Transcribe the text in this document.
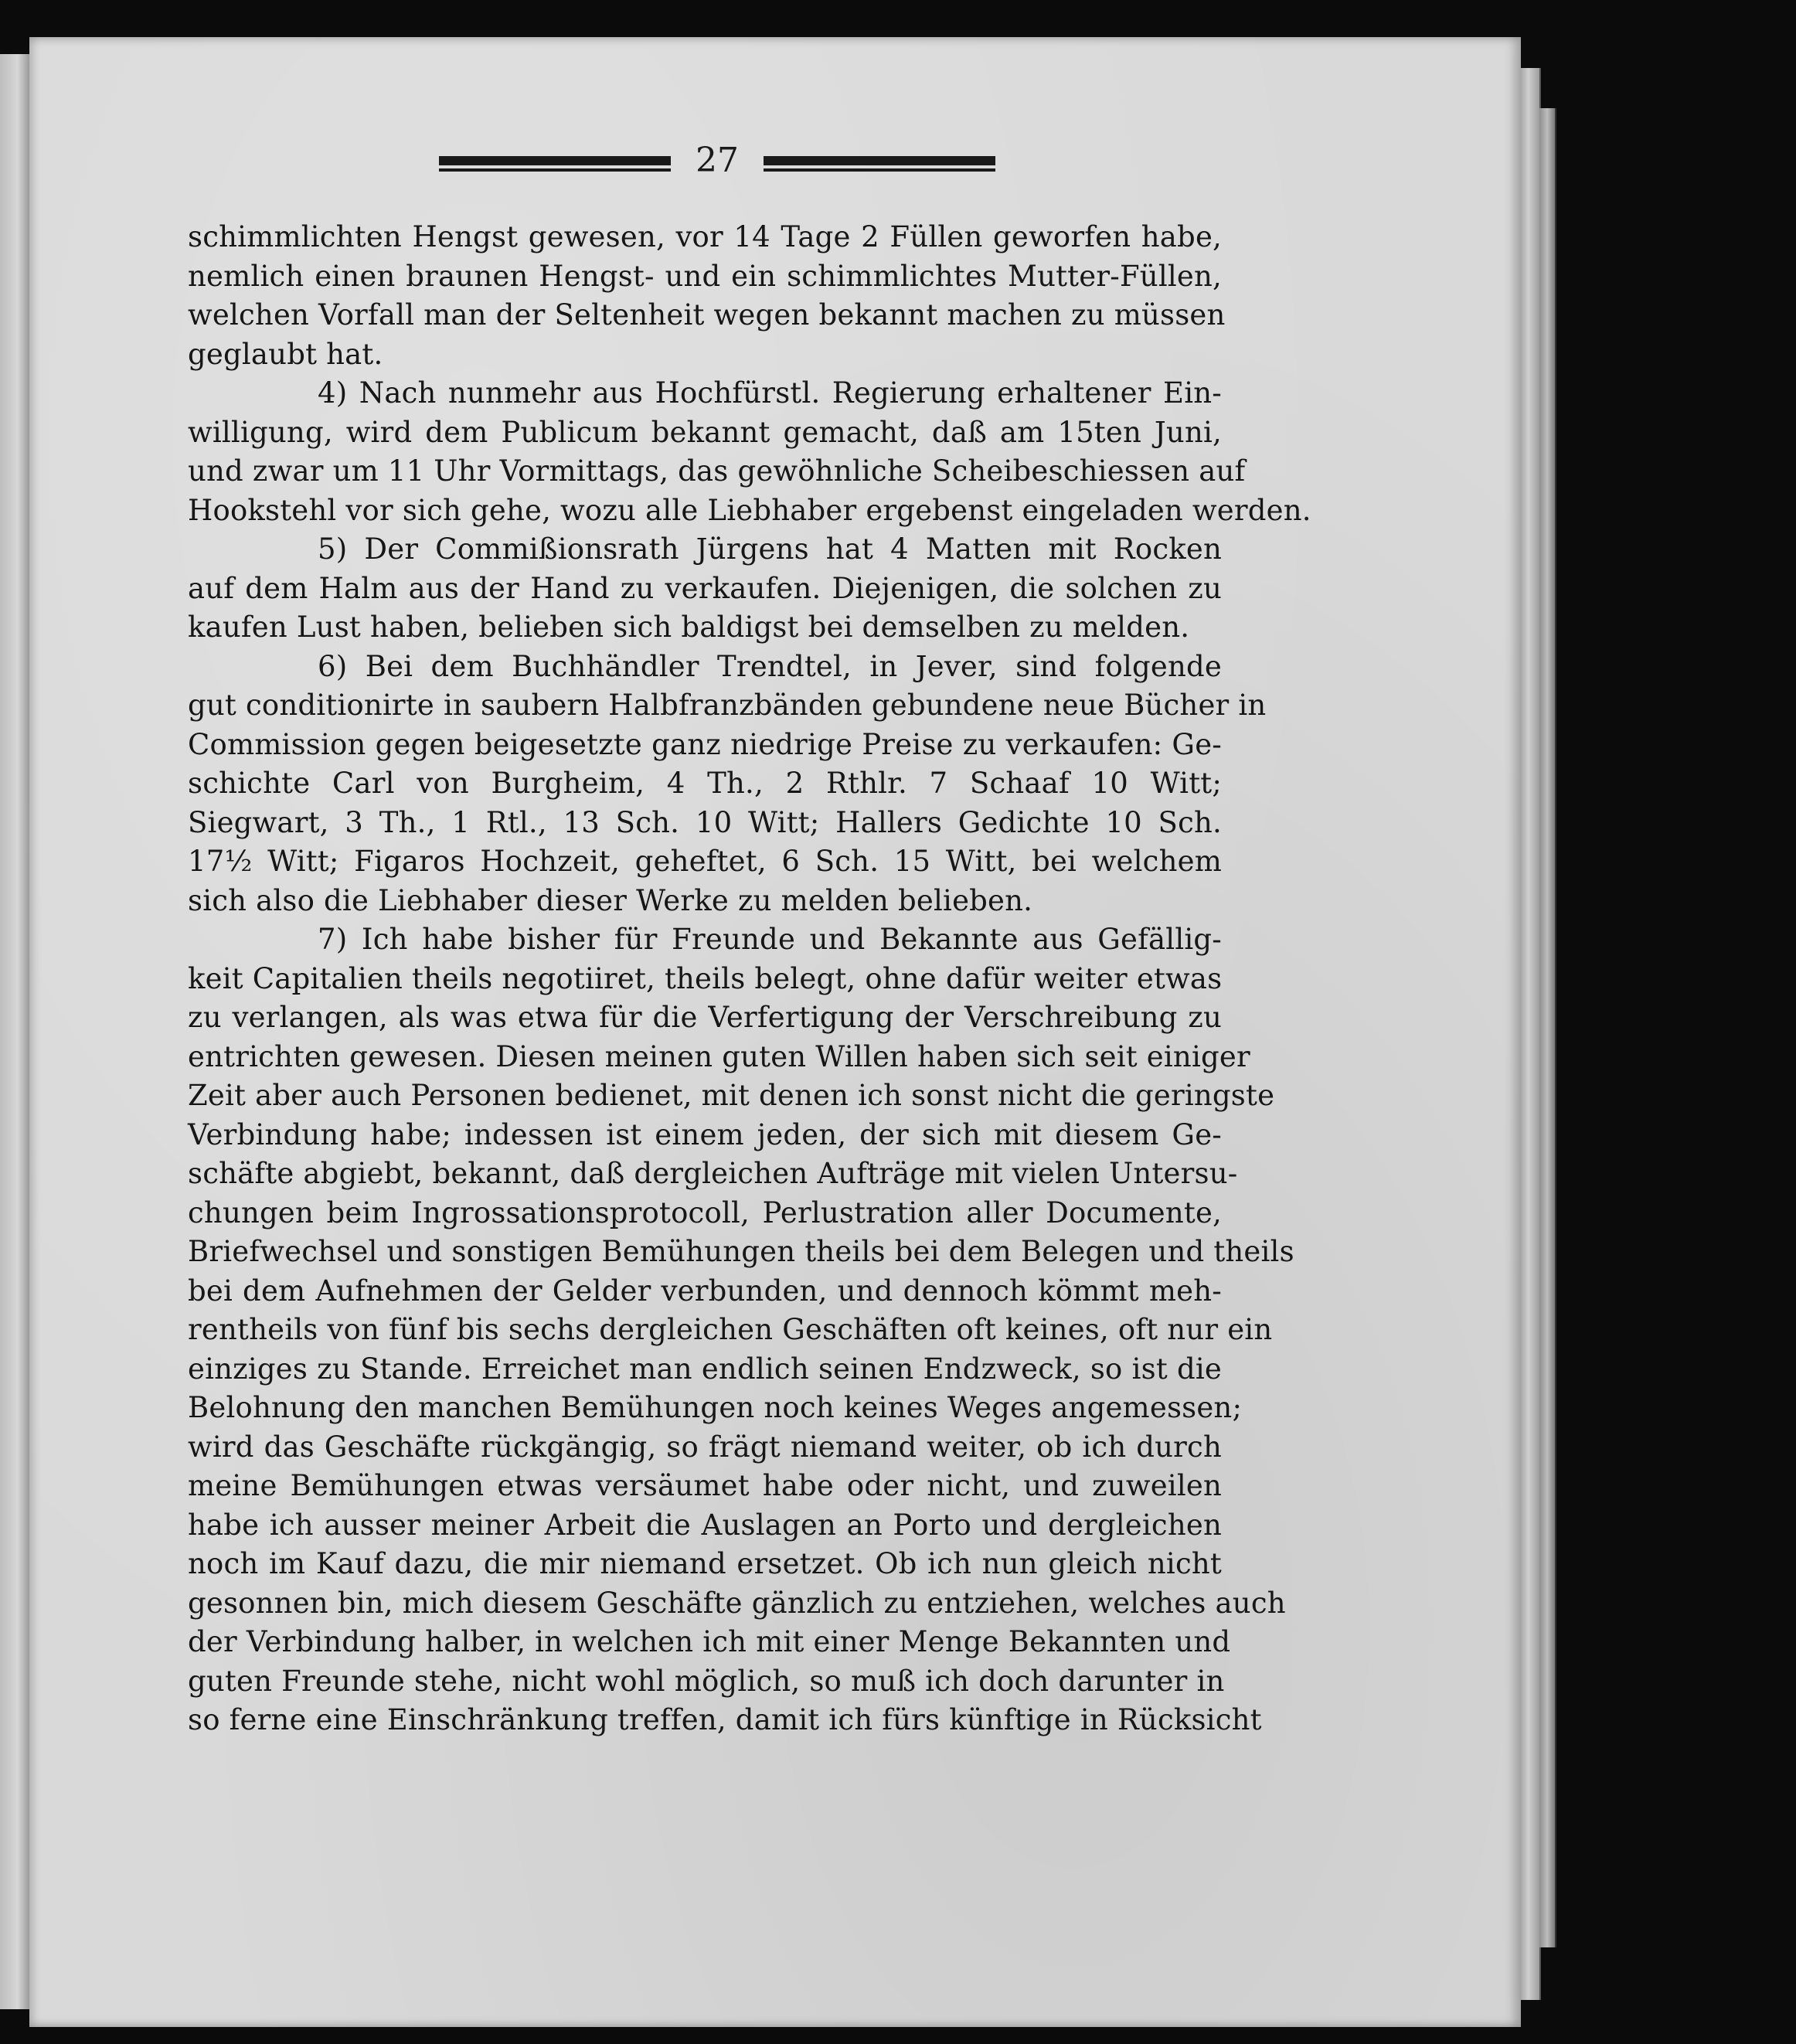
27
schimmlichten Hengst gewesen, vor 14 Tage 2 Füllen geworfen habe,
nemlich einen braunen Hengst- und ein schimmlichtes Mutter-Füllen,
welchen Vorfall man der Seltenheit wegen bekannt machen zu müssen
geglaubt hat.
4) Nach nunmehr aus Hochfürstl. Regierung erhaltener Ein-
willigung, wird dem Publicum bekannt gemacht, daß am 15ten Juni,
und zwar um 11 Uhr Vormittags, das gewöhnliche Scheibeschiessen auf
Hookstehl vor sich gehe, wozu alle Liebhaber ergebenst eingeladen werden.
5) Der Commißionsrath Jürgens hat 4 Matten mit Rocken
auf dem Halm aus der Hand zu verkaufen. Diejenigen, die solchen zu
kaufen Lust haben, belieben sich baldigst bei demselben zu melden.
6) Bei dem Buchhändler Trendtel, in Jever, sind folgende
gut conditionirte in saubern Halbfranzbänden gebundene neue Bücher in
Commission gegen beigesetzte ganz niedrige Preise zu verkaufen: Ge-
schichte Carl von Burgheim, 4 Th., 2 Rthlr. 7 Schaaf 10 Witt;
Siegwart, 3 Th., 1 Rtl., 13 Sch. 10 Witt; Hallers Gedichte 10 Sch.
17½ Witt; Figaros Hochzeit, geheftet, 6 Sch. 15 Witt, bei welchem
sich also die Liebhaber dieser Werke zu melden belieben.
7) Ich habe bisher für Freunde und Bekannte aus Gefällig-
keit Capitalien theils negotiiret, theils belegt, ohne dafür weiter etwas
zu verlangen, als was etwa für die Verfertigung der Verschreibung zu
entrichten gewesen. Diesen meinen guten Willen haben sich seit einiger
Zeit aber auch Personen bedienet, mit denen ich sonst nicht die geringste
Verbindung habe; indessen ist einem jeden, der sich mit diesem Ge-
schäfte abgiebt, bekannt, daß dergleichen Aufträge mit vielen Untersu-
chungen beim Ingrossationsprotocoll, Perlustration aller Documente,
Briefwechsel und sonstigen Bemühungen theils bei dem Belegen und theils
bei dem Aufnehmen der Gelder verbunden, und dennoch kömmt meh-
rentheils von fünf bis sechs dergleichen Geschäften oft keines, oft nur ein
einziges zu Stande. Erreichet man endlich seinen Endzweck, so ist die
Belohnung den manchen Bemühungen noch keines Weges angemessen;
wird das Geschäfte rückgängig, so frägt niemand weiter, ob ich durch
meine Bemühungen etwas versäumet habe oder nicht, und zuweilen
habe ich ausser meiner Arbeit die Auslagen an Porto und dergleichen
noch im Kauf dazu, die mir niemand ersetzet. Ob ich nun gleich nicht
gesonnen bin, mich diesem Geschäfte gänzlich zu entziehen, welches auch
der Verbindung halber, in welchen ich mit einer Menge Bekannten und
guten Freunde stehe, nicht wohl möglich, so muß ich doch darunter in
so ferne eine Einschränkung treffen, damit ich fürs künftige in Rücksicht
